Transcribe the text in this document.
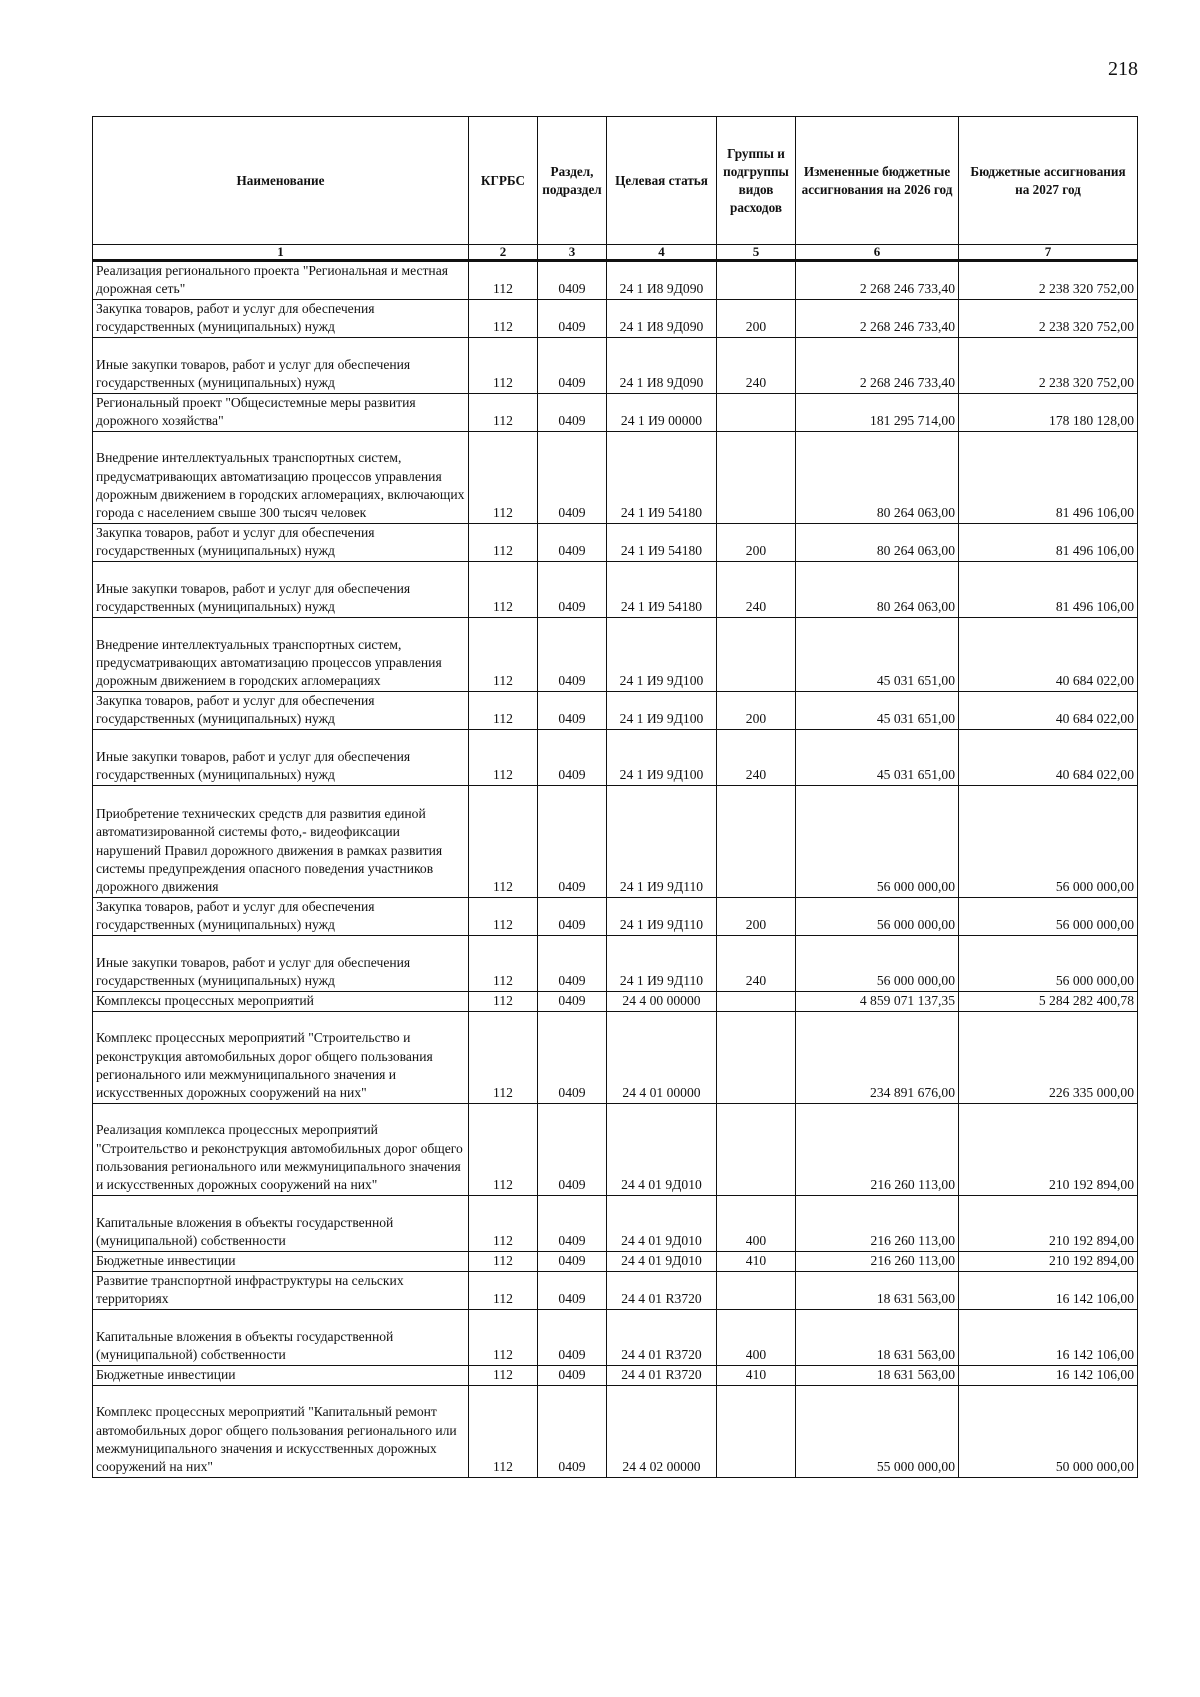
218
Наименование	КГРБС	Раздел, подраздел	Целевая статья	Группы и подгруппы видов расходов	Измененные бюджетные ассигнования на 2026 год	Бюджетные ассигнования на 2027 год
1	2	3	4	5	6	7
Реализация регионального проекта "Региональная и местная дорожная сеть"	112	0409	24 1 И8 9Д090		2 268 246 733,40	2 238 320 752,00
Закупка товаров, работ и услуг для обеспечения государственных (муниципальных) нужд	112	0409	24 1 И8 9Д090	200	2 268 246 733,40	2 238 320 752,00
Иные закупки товаров, работ и услуг для обеспечения государственных (муниципальных) нужд	112	0409	24 1 И8 9Д090	240	2 268 246 733,40	2 238 320 752,00
Региональный проект "Общесистемные меры развития дорожного хозяйства"	112	0409	24 1 И9 00000		181 295 714,00	178 180 128,00
Внедрение интеллектуальных транспортных систем, предусматривающих автоматизацию процессов управления дорожным движением в городских агломерациях, включающих города с населением свыше 300 тысяч человек	112	0409	24 1 И9 54180		80 264 063,00	81 496 106,00
Закупка товаров, работ и услуг для обеспечения государственных (муниципальных) нужд	112	0409	24 1 И9 54180	200	80 264 063,00	81 496 106,00
Иные закупки товаров, работ и услуг для обеспечения государственных (муниципальных) нужд	112	0409	24 1 И9 54180	240	80 264 063,00	81 496 106,00
Внедрение интеллектуальных транспортных систем, предусматривающих автоматизацию процессов управления дорожным движением в городских агломерациях	112	0409	24 1 И9 9Д100		45 031 651,00	40 684 022,00
Закупка товаров, работ и услуг для обеспечения государственных (муниципальных) нужд	112	0409	24 1 И9 9Д100	200	45 031 651,00	40 684 022,00
Иные закупки товаров, работ и услуг для обеспечения государственных (муниципальных) нужд	112	0409	24 1 И9 9Д100	240	45 031 651,00	40 684 022,00
Приобретение технических средств для развития единой автоматизированной системы фото,- видеофиксации нарушений Правил дорожного движения в рамках развития системы предупреждения опасного поведения участников дорожного движения	112	0409	24 1 И9 9Д110		56 000 000,00	56 000 000,00
Закупка товаров, работ и услуг для обеспечения государственных (муниципальных) нужд	112	0409	24 1 И9 9Д110	200	56 000 000,00	56 000 000,00
Иные закупки товаров, работ и услуг для обеспечения государственных (муниципальных) нужд	112	0409	24 1 И9 9Д110	240	56 000 000,00	56 000 000,00
Комплексы процессных мероприятий	112	0409	24 4 00 00000		4 859 071 137,35	5 284 282 400,78
Комплекс процессных мероприятий "Строительство и реконструкция автомобильных дорог общего пользования регионального или межмуниципального значения и искусственных дорожных сооружений на них"	112	0409	24 4 01 00000		234 891 676,00	226 335 000,00
Реализация комплекса процессных мероприятий "Строительство и реконструкция автомобильных дорог общего пользования регионального или межмуниципального значения и искусственных дорожных сооружений на них"	112	0409	24 4 01 9Д010		216 260 113,00	210 192 894,00
Капитальные вложения в объекты государственной (муниципальной) собственности	112	0409	24 4 01 9Д010	400	216 260 113,00	210 192 894,00
Бюджетные инвестиции	112	0409	24 4 01 9Д010	410	216 260 113,00	210 192 894,00
Развитие транспортной инфраструктуры на сельских территориях	112	0409	24 4 01 R3720		18 631 563,00	16 142 106,00
Капитальные вложения в объекты государственной (муниципальной) собственности	112	0409	24 4 01 R3720	400	18 631 563,00	16 142 106,00
Бюджетные инвестиции	112	0409	24 4 01 R3720	410	18 631 563,00	16 142 106,00
Комплекс процессных мероприятий "Капитальный ремонт автомобильных дорог общего пользования регионального или межмуниципального значения и искусственных дорожных сооружений на них"	112	0409	24 4 02 00000		55 000 000,00	50 000 000,00
